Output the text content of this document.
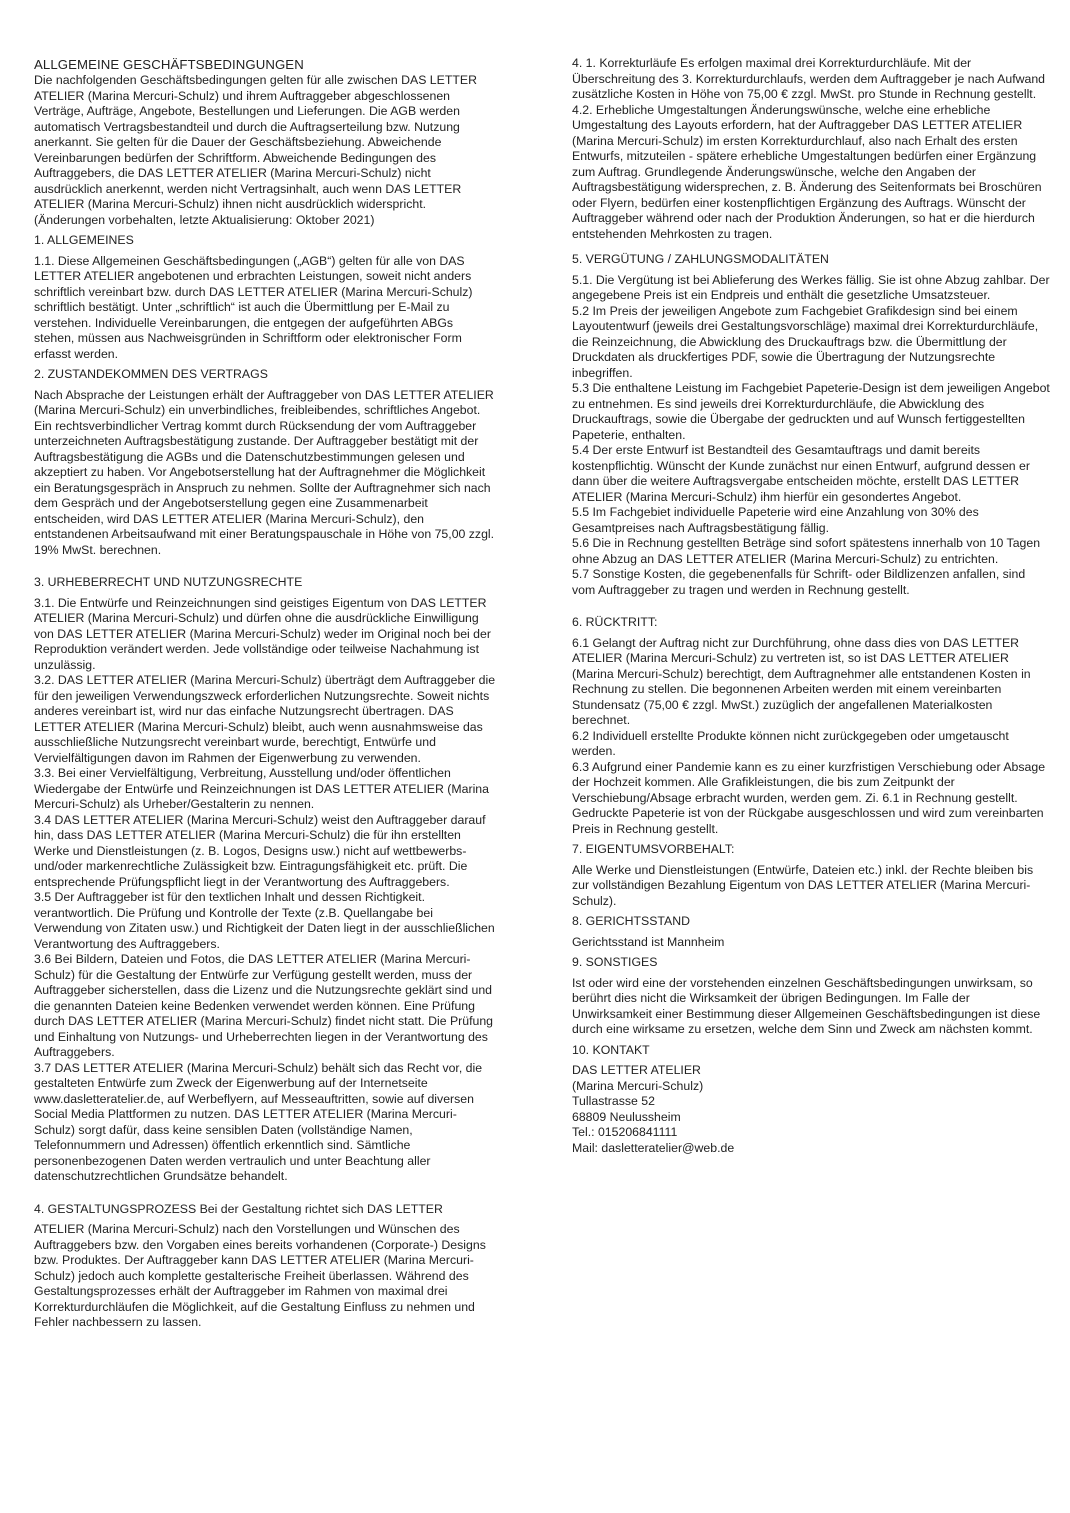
ALLGEMEINE GESCHÄFTSBEDINGUNGEN

Die nachfolgenden Geschäftsbedingungen gelten für alle zwischen DAS LETTER ATELIER (Marina Mercuri-Schulz) und ihrem Auftraggeber abgeschlossenen Verträge, Aufträge, Angebote, Bestellungen und Lieferungen. Die AGB werden automatisch Vertragsbestandteil und durch die Auftragserteilung bzw. Nutzung anerkannt. Sie gelten für die Dauer der Geschäftsbeziehung. Abweichende Vereinbarungen bedürfen der Schriftform. Abweichende Bedingungen des Auftraggebers, die DAS LETTER ATELIER (Marina Mercuri-Schulz) nicht ausdrücklich anerkennt, werden nicht Vertragsinhalt, auch wenn DAS LETTER ATELIER (Marina Mercuri-Schulz) ihnen nicht ausdrücklich widerspricht. (Änderungen vorbehalten, letzte Aktualisierung: Oktober 2021)

1. ALLGEMEINES

1.1. Diese Allgemeinen Geschäftsbedingungen („AGB“) gelten für alle von DAS LETTER ATELIER angebotenen und erbrachten Leistungen, soweit nicht anders schriftlich vereinbart bzw. durch DAS LETTER ATELIER (Marina Mercuri-Schulz) schriftlich bestätigt. Unter „schriftlich“ ist auch die Übermittlung per E-Mail zu verstehen. Individuelle Vereinbarungen, die entgegen der aufgeführten ABGs stehen, müssen aus Nachweisgründen in Schriftform oder elektronischer Form erfasst werden.

2. ZUSTANDEKOMMEN DES VERTRAGS

Nach Absprache der Leistungen erhält der Auftraggeber von DAS LETTER ATELIER (Marina Mercuri-Schulz) ein unverbindliches, freibleibendes, schriftliches Angebot. Ein rechtsverbindlicher Vertrag kommt durch Rücksendung der vom Auftraggeber unterzeichneten Auftragsbestätigung zustande. Der Auftraggeber bestätigt mit der Auftragsbestätigung die AGBs und die Datenschutzbestimmungen gelesen und akzeptiert zu haben. Vor Angebotserstellung hat der Auftragnehmer die Möglichkeit ein Beratungsgespräch in Anspruch zu nehmen. Sollte der Auftragnehmer sich nach dem Gespräch und der Angebotserstellung gegen eine Zusammenarbeit entscheiden, wird DAS LETTER ATELIER (Marina Mercuri-Schulz), den entstandenen Arbeitsaufwand mit einer Beratungspauschale in Höhe von 75,00 zzgl. 19% MwSt. berechnen.

3. URHEBERRECHT UND NUTZUNGSRECHTE

3.1. Die Entwürfe und Reinzeichnungen sind geistiges Eigentum von DAS LETTER ATELIER (Marina Mercuri-Schulz) und dürfen ohne die ausdrückliche Einwilligung von DAS LETTER ATELIER (Marina Mercuri-Schulz) weder im Original noch bei der Reproduktion verändert werden. Jede vollständige oder teilweise Nachahmung ist unzulässig.

3.2. DAS LETTER ATELIER (Marina Mercuri-Schulz) überträgt dem Auftraggeber die für den jeweiligen Verwendungszweck erforderlichen Nutzungsrechte. Soweit nichts anderes vereinbart ist, wird nur das einfache Nutzungsrecht übertragen. DAS LETTER ATELIER (Marina Mercuri-Schulz) bleibt, auch wenn ausnahmsweise das ausschließliche Nutzungsrecht vereinbart wurde, berechtigt, Entwürfe und Vervielfältigungen davon im Rahmen der Eigenwerbung zu verwenden.

3.3. Bei einer Vervielfältigung, Verbreitung, Ausstellung und/oder öffentlichen Wiedergabe der Entwürfe und Reinzeichnungen ist DAS LETTER ATELIER (Marina Mercuri-Schulz) als Urheber/Gestalterin zu nennen.

3.4 DAS LETTER ATELIER (Marina Mercuri-Schulz) weist den Auftraggeber darauf hin, dass DAS LETTER ATELIER (Marina Mercuri-Schulz) die für ihn erstellten Werke und Dienstleistungen (z. B. Logos, Designs usw.) nicht auf wettbewerbs- und/oder markenrechtliche Zulässigkeit bzw. Eintragungsfähigkeit etc. prüft. Die entsprechende Prüfungspflicht liegt in der Verantwortung des Auftraggebers.

3.5 Der Auftraggeber ist für den textlichen Inhalt und dessen Richtigkeit. verantwortlich. Die Prüfung und Kontrolle der Texte (z.B. Quellangabe bei Verwendung von Zitaten usw.) und Richtigkeit der Daten liegt in der ausschließlichen Verantwortung des Auftraggebers.

3.6 Bei Bildern, Dateien und Fotos, die DAS LETTER ATELIER (Marina Mercuri-Schulz) für die Gestaltung der Entwürfe zur Verfügung gestellt werden, muss der Auftraggeber sicherstellen, dass die Lizenz und die Nutzungsrechte geklärt sind und die genannten Dateien keine Bedenken verwendet werden können. Eine Prüfung durch DAS LETTER ATELIER (Marina Mercuri-Schulz) findet nicht statt. Die Prüfung und Einhaltung von Nutzungs- und Urheberrechten liegen in der Verantwortung des Auftraggebers.

3.7 DAS LETTER ATELIER (Marina Mercuri-Schulz) behält sich das Recht vor, die gestalteten Entwürfe zum Zweck der Eigenwerbung auf der Internetseite www.dasletteratelier.de, auf Werbeflyern, auf Messeauftritten, sowie auf diversen Social Media Plattformen zu nutzen. DAS LETTER ATELIER (Marina Mercuri-Schulz) sorgt dafür, dass keine sensiblen Daten (vollständige Namen, Telefonnummern und Adressen) öffentlich erkenntlich sind. Sämtliche personenbezogenen Daten werden vertraulich und unter Beachtung aller datenschutzrechtlichen Grundsätze behandelt.

4. GESTALTUNGSPROZESS Bei der Gestaltung richtet sich DAS LETTER

ATELIER (Marina Mercuri-Schulz) nach den Vorstellungen und Wünschen des Auftraggebers bzw. den Vorgaben eines bereits vorhandenen (Corporate-) Designs bzw. Produktes. Der Auftraggeber kann DAS LETTER ATELIER (Marina Mercuri-Schulz) jedoch auch komplette gestalterische Freiheit überlassen. Während des Gestaltungsprozesses erhält der Auftraggeber im Rahmen von maximal drei Korrekturdurchläufen die Möglichkeit, auf die Gestaltung Einfluss zu nehmen und Fehler nachbessern zu lassen.

4. 1. Korrekturläufe Es erfolgen maximal drei Korrekturdurchläufe. Mit der Überschreitung des 3. Korrekturdurchlaufs, werden dem Auftraggeber je nach Aufwand zusätzliche Kosten in Höhe von 75,00 € zzgl. MwSt. pro Stunde in Rechnung gestellt.

4.2. Erhebliche Umgestaltungen Änderungswünsche, welche eine erhebliche Umgestaltung des Layouts erfordern, hat der Auftraggeber DAS LETTER ATELIER (Marina Mercuri-Schulz) im ersten Korrekturdurchlauf, also nach Erhalt des ersten Entwurfs, mitzuteilen - spätere erhebliche Umgestaltungen bedürfen einer Ergänzung zum Auftrag. Grundlegende Änderungswünsche, welche den Angaben der Auftragsbestätigung widersprechen, z. B. Änderung des Seitenformats bei Broschüren oder Flyern, bedürfen einer kostenpflichtigen Ergänzung des Auftrags. Wünscht der Auftraggeber während oder nach der Produktion Änderungen, so hat er die hierdurch entstehenden Mehrkosten zu tragen.

5. VERGÜTUNG / ZAHLUNGSMODALITÄTEN

5.1. Die Vergütung ist bei Ablieferung des Werkes fällig. Sie ist ohne Abzug zahlbar. Der angegebene Preis ist ein Endpreis und enthält die gesetzliche Umsatzsteuer.

5.2 Im Preis der jeweiligen Angebote zum Fachgebiet Grafikdesign sind bei einem Layoutentwurf (jeweils drei Gestaltungsvorschläge) maximal drei Korrekturdurchläufe, die Reinzeichnung, die Abwicklung des Druckauftrags bzw. die Übermittlung der Druckdaten als druckfertiges PDF, sowie die Übertragung der Nutzungsrechte inbegriffen.

5.3 Die enthaltene Leistung im Fachgebiet Papeterie-Design ist dem jeweiligen Angebot zu entnehmen. Es sind jeweils drei Korrekturdurchläufe, die Abwicklung des Druckauftrags, sowie die Übergabe der gedruckten und auf Wunsch fertiggestellten Papeterie, enthalten.

5.4 Der erste Entwurf ist Bestandteil des Gesamtauftrags und damit bereits kostenpflichtig. Wünscht der Kunde zunächst nur einen Entwurf, aufgrund dessen er dann über die weitere Auftragsvergabe entscheiden möchte, erstellt DAS LETTER ATELIER (Marina Mercuri-Schulz) ihm hierfür ein gesondertes Angebot.

5.5 Im Fachgebiet individuelle Papeterie wird eine Anzahlung von 30% des Gesamtpreises nach Auftragsbestätigung fällig.

5.6 Die in Rechnung gestellten Beträge sind sofort spätestens innerhalb von 10 Tagen ohne Abzug an DAS LETTER ATELIER (Marina Mercuri-Schulz) zu entrichten.

5.7 Sonstige Kosten, die gegebenenfalls für Schrift- oder Bildlizenzen anfallen, sind vom Auftraggeber zu tragen und werden in Rechnung gestellt.

6. RÜCKTRITT:

6.1 Gelangt der Auftrag nicht zur Durchführung, ohne dass dies von DAS LETTER ATELIER (Marina Mercuri-Schulz) zu vertreten ist, so ist DAS LETTER ATELIER (Marina Mercuri-Schulz) berechtigt, dem Auftragnehmer alle entstandenen Kosten in Rechnung zu stellen. Die begonnenen Arbeiten werden mit einem vereinbarten Stundensatz (75,00 € zzgl. MwSt.) zuzüglich der angefallenen Materialkosten berechnet.

6.2 Individuell erstellte Produkte können nicht zurückgegeben oder umgetauscht werden.

6.3 Aufgrund einer Pandemie kann es zu einer kurzfristigen Verschiebung oder Absage der Hochzeit kommen. Alle Grafikleistungen, die bis zum Zeitpunkt der Verschiebung/Absage erbracht wurden, werden gem. Zi. 6.1 in Rechnung gestellt. Gedruckte Papeterie ist von der Rückgabe ausgeschlossen und wird zum vereinbarten Preis in Rechnung gestellt.

7. EIGENTUMSVORBEHALT:

Alle Werke und Dienstleistungen (Entwürfe, Dateien etc.) inkl. der Rechte bleiben bis zur vollständigen Bezahlung Eigentum von DAS LETTER ATELIER (Marina Mercuri-Schulz).

8. GERICHTSSTAND

Gerichtsstand ist Mannheim

9. SONSTIGES

Ist oder wird eine der vorstehenden einzelnen Geschäftsbedingungen unwirksam, so berührt dies nicht die Wirksamkeit der übrigen Bedingungen. Im Falle der Unwirksamkeit einer Bestimmung dieser Allgemeinen Geschäftsbedingungen ist diese durch eine wirksame zu ersetzen, welche dem Sinn und Zweck am nächsten kommt.

10. KONTAKT

DAS LETTER ATELIER
(Marina Mercuri-Schulz)
Tullastrasse 52
68809 Neulussheim
Tel.: 015206841111
Mail: dasletteratelier@web.de
